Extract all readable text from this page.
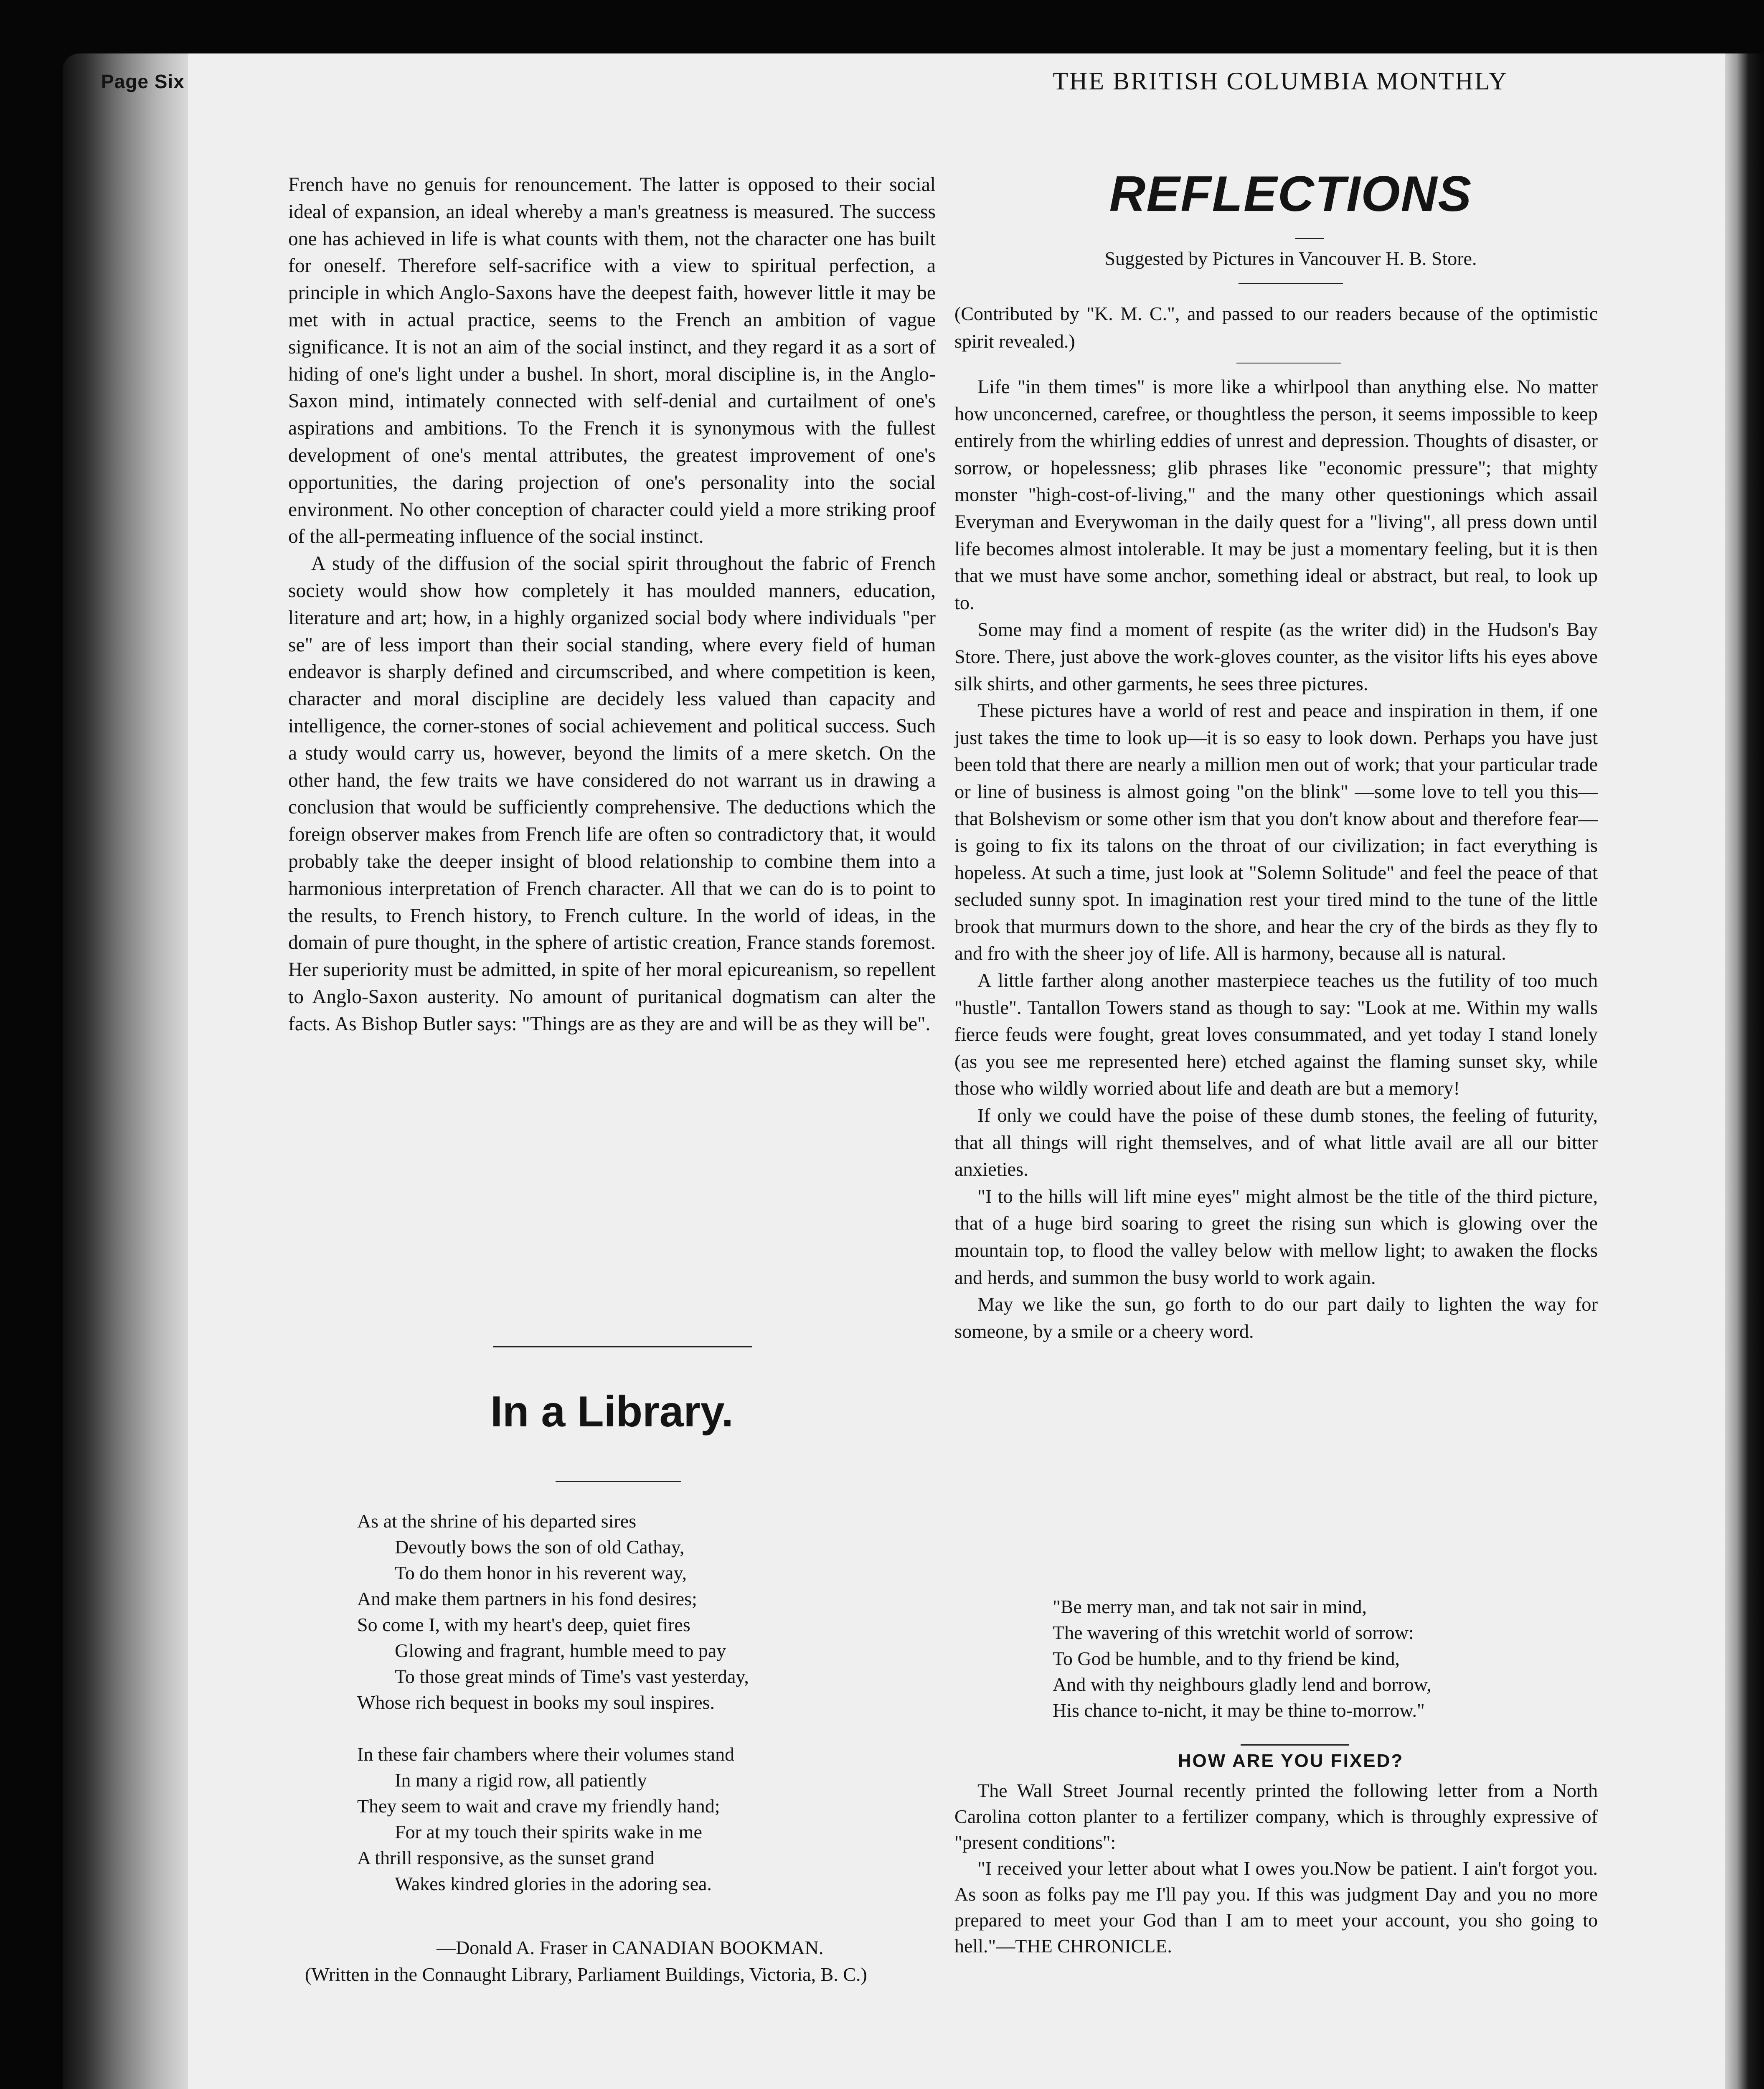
Page Six	THE BRITISH COLUMBIA MONTHLY

French have no genuis for renouncement. The latter is opposed to their social ideal of expansion, an ideal whereby a man's greatness is measured. The success one has achieved in life is what counts with them, not the character one has built for oneself. Therefore self-sacrifice with a view to spiritual perfection, a principle in which Anglo-Saxons have the deepest faith, however little it may be met with in actual practice, seems to the French an ambition of vague significance. It is not an aim of the social instinct, and they regard it as a sort of hiding of one's light under a bushel. In short, moral discipline is, in the Anglo-Saxon mind, intimately connected with self-denial and curtailment of one's aspirations and ambitions. To the French it is synonymous with the fullest development of one's mental attributes, the greatest improvement of one's opportunities, the daring projection of one's personality into the social environment. No other conception of character could yield a more striking proof of the all-permeating influence of the social instinct.

A study of the diffusion of the social spirit throughout the fabric of French society would show how completely it has moulded manners, education, literature and art; how, in a highly organized social body where individuals "per se" are of less import than their social standing, where every field of human endeavor is sharply defined and circumscribed, and where competition is keen, character and moral discipline are decidely less valued than capacity and intelligence, the corner-stones of social achievement and political success. Such a study would carry us, however, beyond the limits of a mere sketch. On the other hand, the few traits we have considered do not warrant us in drawing a conclusion that would be sufficiently comprehensive. The deductions which the foreign observer makes from French life are often so contradictory that, it would probably take the deeper insight of blood relationship to combine them into a harmonious interpretation of French character. All that we can do is to point to the results, to French history, to French culture. In the world of ideas, in the domain of pure thought, in the sphere of artistic creation, France stands foremost. Her superiority must be admitted, in spite of her moral epicureanism, so repellent to Anglo-Saxon austerity. No amount of puritanical dogmatism can alter the facts. As Bishop Butler says: "Things are as they are and will be as they will be".

In a Library.
As at the shrine of his departed sires
Devoutly bows the son of old Cathay,
To do them honor in his reverent way,
And make them partners in his fond desires;
So come I, with my heart's deep, quiet fires
Glowing and fragrant, humble meed to pay
To those great minds of Time's vast yesterday,
Whose rich bequest in books my soul inspires.
In these fair chambers where their volumes stand
In many a rigid row, all patiently
They seem to wait and crave my friendly hand;
For at my touch their spirits wake in me
A thrill responsive, as the sunset grand
Wakes kindred glories in the adoring sea.
—Donald A. Fraser in CANADIAN BOOKMAN.
(Written in the Connaught Library, Parliament Buildings, Victoria, B. C.)
REFLECTIONS
Suggested by Pictures in Vancouver H. B. Store.
(Contributed by "K. M. C.", and passed to our readers because of the optimistic spirit revealed.)

Life "in them times" is more like a whirlpool than anything else. No matter how unconcerned, carefree, or thoughtless the person, it seems impossible to keep entirely from the whirling eddies of unrest and depression. Thoughts of disaster, or sorrow, or hopelessness; glib phrases like "economic pressure"; that mighty monster "high-cost-of-living," and the many other questionings which assail Everyman and Everywoman in the daily quest for a "living", all press down until life becomes almost intolerable. It may be just a momentary feeling, but it is then that we must have some anchor, something ideal or abstract, but real, to look up to.

Some may find a moment of respite (as the writer did) in the Hudson's Bay Store. There, just above the work-gloves counter, as the visitor lifts his eyes above silk shirts, and other garments, he sees three pictures.

These pictures have a world of rest and peace and inspiration in them, if one just takes the time to look up—it is so easy to look down. Perhaps you have just been told that there are nearly a million men out of work; that your particular trade or line of business is almost going "on the blink" —some love to tell you this—that Bolshevism or some other ism that you don't know about and therefore fear—is going to fix its talons on the throat of our civilization; in fact everything is hopeless. At such a time, just look at "Solemn Solitude" and feel the peace of that secluded sunny spot. In imagination rest your tired mind to the tune of the little brook that murmurs down to the shore, and hear the cry of the birds as they fly to and fro with the sheer joy of life. All is harmony, because all is natural.

A little farther along another masterpiece teaches us the futility of too much "hustle". Tantallon Towers stand as though to say: "Look at me. Within my walls fierce feuds were fought, great loves consummated, and yet today I stand lonely (as you see me represented here) etched against the flaming sunset sky, while those who wildly worried about life and death are but a memory!

If only we could have the poise of these dumb stones, the feeling of futurity, that all things will right themselves, and of what little avail are all our bitter anxieties.

"I to the hills will lift mine eyes" might almost be the title of the third picture, that of a huge bird soaring to greet the rising sun which is glowing over the mountain top, to flood the valley below with mellow light; to awaken the flocks and herds, and summon the busy world to work again.

May we like the sun, go forth to do our part daily to lighten the way for someone, by a smile or a cheery word.

"Be merry man, and tak not sair in mind,
The wavering of this wretchit world of sorrow:
To God be humble, and to thy friend be kind,
And with thy neighbours gladly lend and borrow,
His chance to-nicht, it may be thine to-morrow."
HOW ARE YOU FIXED?

The Wall Street Journal recently printed the following letter from a North Carolina cotton planter to a fertilizer company, which is throughly expressive of "present conditions":

"I received your letter about what I owes you.Now be patient. I ain't forgot you. As soon as folks pay me I'll pay you. If this was judgment Day and you no more prepared to meet your God than I am to meet your account, you sho going to hell."—THE CHRONICLE.
